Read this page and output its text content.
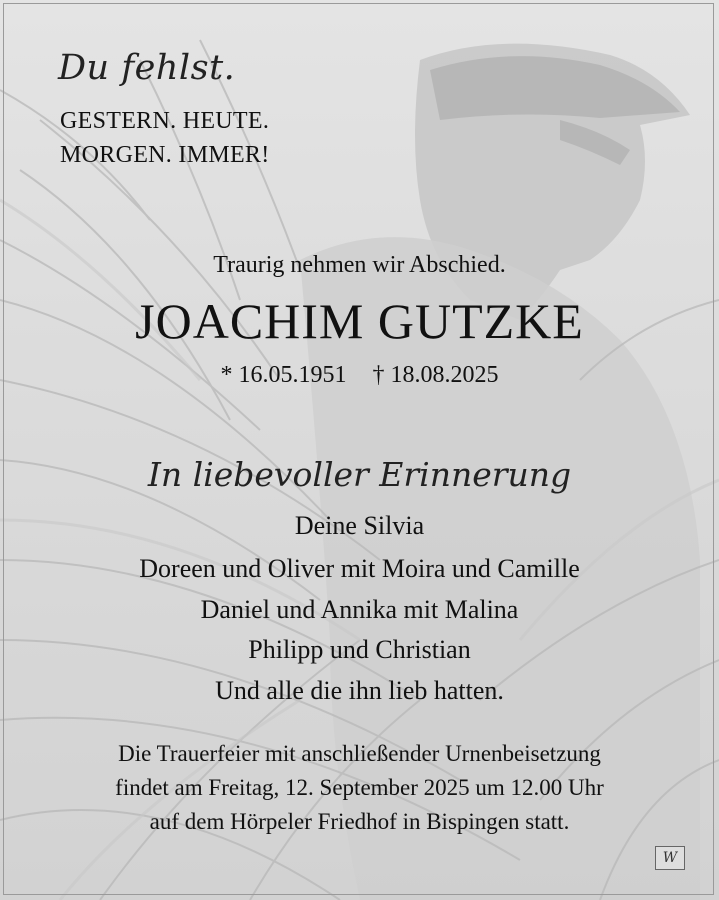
Du fehlst.
GESTERN. HEUTE.
MORGEN. IMMER!
Traurig nehmen wir Abschied.
JOACHIM GUTZKE
* 16.05.1951 † 18.08.2025
In liebevoller Erinnerung
Deine Silvia
Doreen und Oliver mit Moira und Camille
Daniel und Annika mit Malina
Philipp und Christian
Und alle die ihn lieb hatten.
Die Trauerfeier mit anschließender Urnenbeisetzung
findet am Freitag, 12. September 2025 um 12.00 Uhr
auf dem Hörpeler Friedhof in Bispingen statt.
W
